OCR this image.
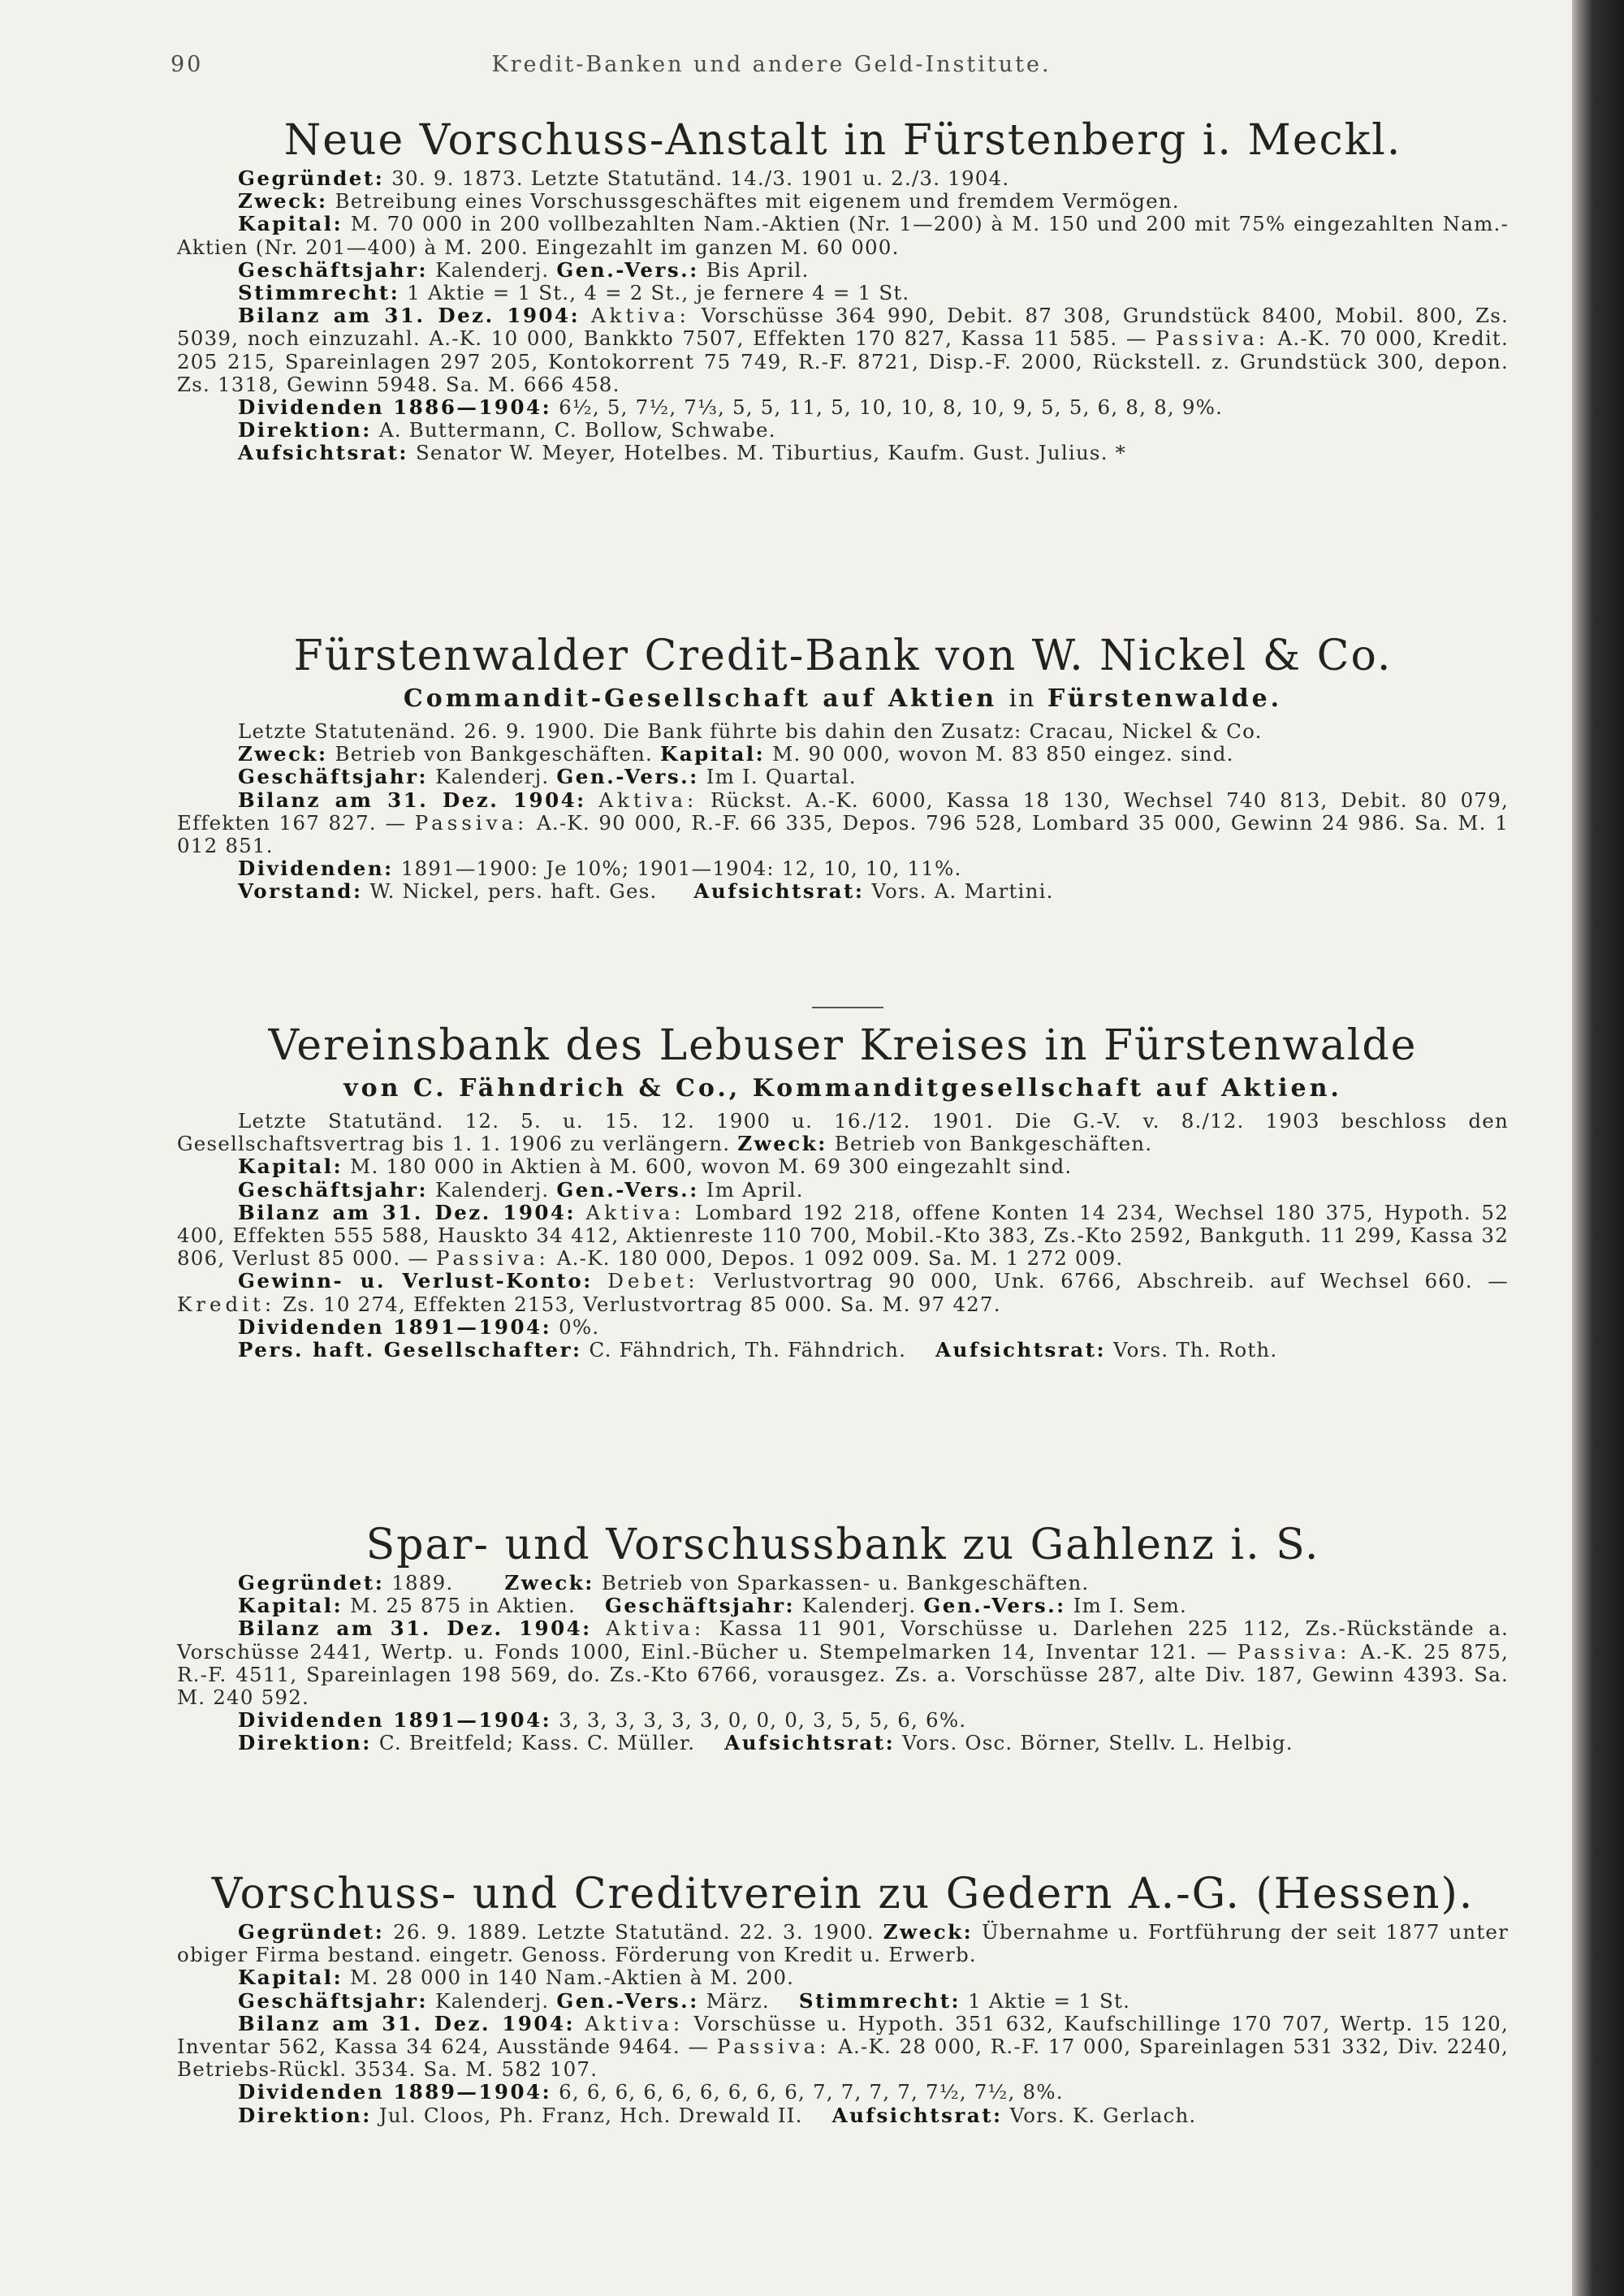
90	Kredit-Banken und andere Geld-Institute.
Neue Vorschuss-Anstalt in Fürstenberg i. Meckl.

Gegründet: 30. 9. 1873. Letzte Statutänd. 14./3. 1901 u. 2./3. 1904.

Zweck: Betreibung eines Vorschussgeschäftes mit eigenem und fremdem Vermögen.

Kapital: M. 70 000 in 200 vollbezahlten Nam.-Aktien (Nr. 1—200) à M. 150 und 200 mit 75% eingezahlten Nam.-Aktien (Nr. 201—400) à M. 200. Eingezahlt im ganzen M. 60 000.

Geschäftsjahr: Kalenderj. Gen.-Vers.: Bis April.

Stimmrecht: 1 Aktie = 1 St., 4 = 2 St., je fernere 4 = 1 St.

Bilanz am 31. Dez. 1904: Aktiva: Vorschüsse 364 990, Debit. 87 308, Grundstück 8400, Mobil. 800, Zs. 5039, noch einzuzahl. A.-K. 10 000, Bankkto 7507, Effekten 170 827, Kassa 11 585. — Passiva: A.-K. 70 000, Kredit. 205 215, Spareinlagen 297 205, Kontokorrent 75 749, R.-F. 8721, Disp.-F. 2000, Rückstell. z. Grundstück 300, depon. Zs. 1318, Gewinn 5948. Sa. M. 666 458.

Dividenden 1886—1904: 6½, 5, 7½, 7⅓, 5, 5, 11, 5, 10, 10, 8, 10, 9, 5, 5, 6, 8, 8, 9%.

Direktion: A. Buttermann, C. Bollow, Schwabe.

Aufsichtsrat: Senator W. Meyer, Hotelbes. M. Tiburtius, Kaufm. Gust. Julius. *

Fürstenwalder Credit-Bank von W. Nickel & Co.
Commandit-Gesellschaft auf Aktien in Fürstenwalde.

Letzte Statutenänd. 26. 9. 1900. Die Bank führte bis dahin den Zusatz: Cracau, Nickel & Co.

Zweck: Betrieb von Bankgeschäften. Kapital: M. 90 000, wovon M. 83 850 eingez. sind.

Geschäftsjahr: Kalenderj. Gen.-Vers.: Im I. Quartal.

Bilanz am 31. Dez. 1904: Aktiva: Rückst. A.-K. 6000, Kassa 18 130, Wechsel 740 813, Debit. 80 079, Effekten 167 827. — Passiva: A.-K. 90 000, R.-F. 66 335, Depos. 796 528, Lombard 35 000, Gewinn 24 986. Sa. M. 1 012 851.

Dividenden: 1891—1900: Je 10%; 1901—1904: 12, 10, 10, 11%.

Vorstand: W. Nickel, pers. haft. Ges. Aufsichtsrat: Vors. A. Martini.

Vereinsbank des Lebuser Kreises in Fürstenwalde
von C. Fähndrich & Co., Kommanditgesellschaft auf Aktien.

Letzte Statutänd. 12. 5. u. 15. 12. 1900 u. 16./12. 1901. Die G.-V. v. 8./12. 1903 beschloss den Gesellschaftsvertrag bis 1. 1. 1906 zu verlängern. Zweck: Betrieb von Bankgeschäften.

Kapital: M. 180 000 in Aktien à M. 600, wovon M. 69 300 eingezahlt sind.

Geschäftsjahr: Kalenderj. Gen.-Vers.: Im April.

Bilanz am 31. Dez. 1904: Aktiva: Lombard 192 218, offene Konten 14 234, Wechsel 180 375, Hypoth. 52 400, Effekten 555 588, Hauskto 34 412, Aktienreste 110 700, Mobil.-Kto 383, Zs.-Kto 2592, Bankguth. 11 299, Kassa 32 806, Verlust 85 000. — Passiva: A.-K. 180 000, Depos. 1 092 009. Sa. M. 1 272 009.

Gewinn- u. Verlust-Konto: Debet: Verlustvortrag 90 000, Unk. 6766, Abschreib. auf Wechsel 660. — Kredit: Zs. 10 274, Effekten 2153, Verlustvortrag 85 000. Sa. M. 97 427.

Dividenden 1891—1904: 0%.

Pers. haft. Gesellschafter: C. Fähndrich, Th. Fähndrich. Aufsichtsrat: Vors. Th. Roth.

Spar- und Vorschussbank zu Gahlenz i. S.

Gegründet: 1889.	Zweck: Betrieb von Sparkassen- u. Bankgeschäften.

Kapital: M. 25 875 in Aktien. Geschäftsjahr: Kalenderj. Gen.-Vers.: Im I. Sem.

Bilanz am 31. Dez. 1904: Aktiva: Kassa 11 901, Vorschüsse u. Darlehen 225 112, Zs.-Rückstände a. Vorschüsse 2441, Wertp. u. Fonds 1000, Einl.-Bücher u. Stempelmarken 14, Inventar 121. — Passiva: A.-K. 25 875, R.-F. 4511, Spareinlagen 198 569, do. Zs.-Kto 6766, vorausgez. Zs. a. Vorschüsse 287, alte Div. 187, Gewinn 4393. Sa. M. 240 592.

Dividenden 1891—1904: 3, 3, 3, 3, 3, 3, 0, 0, 0, 3, 5, 5, 6, 6%.

Direktion: C. Breitfeld; Kass. C. Müller. Aufsichtsrat: Vors. Osc. Börner, Stellv. L. Helbig.

Vorschuss- und Creditverein zu Gedern A.-G. (Hessen).

Gegründet: 26. 9. 1889. Letzte Statutänd. 22. 3. 1900. Zweck: Übernahme u. Fortführung der seit 1877 unter obiger Firma bestand. eingetr. Genoss. Förderung von Kredit u. Erwerb.

Kapital: M. 28 000 in 140 Nam.-Aktien à M. 200.

Geschäftsjahr: Kalenderj. Gen.-Vers.: März. Stimmrecht: 1 Aktie = 1 St.

Bilanz am 31. Dez. 1904: Aktiva: Vorschüsse u. Hypoth. 351 632, Kaufschillinge 170 707, Wertp. 15 120, Inventar 562, Kassa 34 624, Ausstände 9464. — Passiva: A.-K. 28 000, R.-F. 17 000, Spareinlagen 531 332, Div. 2240, Betriebs-Rückl. 3534. Sa. M. 582 107.

Dividenden 1889—1904: 6, 6, 6, 6, 6, 6, 6, 6, 6, 7, 7, 7, 7, 7½, 7½, 8%.

Direktion: Jul. Cloos, Ph. Franz, Hch. Drewald II. Aufsichtsrat: Vors. K. Gerlach.
